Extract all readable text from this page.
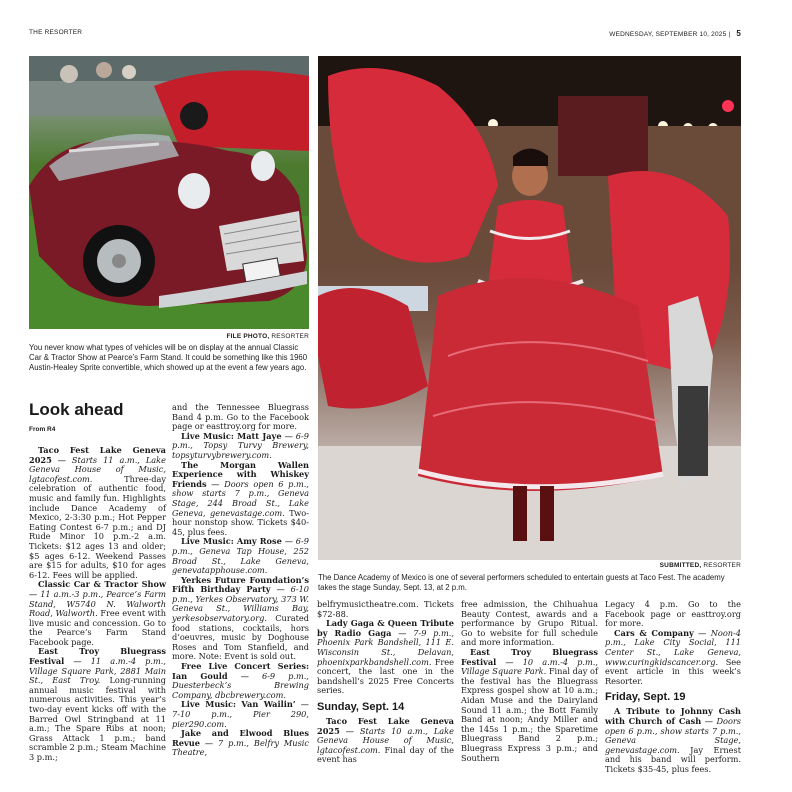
THE RESORTER	WEDNESDAY, SEPTEMBER 10, 2025 | 5
FILE PHOTO, RESORTER
You never know what types of vehicles will be on display at the annual Classic Car & Tractor Show at Pearce’s Farm Stand. It could be something like this 1960 Austin-Healey Sprite convertible, which showed up at the event a few years ago.
SUBMITTED, RESORTER
The Dance Academy of Mexico is one of several performers scheduled to entertain guests at Taco Fest. The academy takes the stage Sunday, Sept. 13, at 2 p.m.
Look ahead
From R4

Taco Fest Lake Geneva 2025 — Starts 11 a.m., Lake Geneva House of Music, lgtacofest.com. Three-day celebration of authentic food, music and family fun. Highlights include Dance Academy of Mexico, 2-3:30 p.m.; Hot Pepper Eating Contest 6-7 p.m.; and DJ Rude Minor 10 p.m.-2 a.m. Tickets: $12 ages 13 and older; $5 ages 6-12. Weekend Passes are $15 for adults, $10 for ages 6-12. Fees will be applied.

Classic Car & Tractor Show — 11 a.m.-3 p.m., Pearce’s Farm Stand, W5740 N. Walworth Road, Walworth. Free event with live music and concession. Go to the Pearce’s Farm Stand Facebook page.

East Troy Bluegrass Festival — 11 a.m.-4 p.m., Village Square Park, 2881 Main St., East Troy. Long-running annual music festival with numerous activities. This year’s two-day event kicks off with the Barred Owl Stringband at 11 a.m.; The Spare Ribs at noon; Grass Attack 1 p.m.; band scramble 2 p.m.; Steam Machine 3 p.m.;

and the Tennessee Bluegrass Band 4 p.m. Go to the Facebook page or easttroy.org for more.

Live Music: Matt Jaye — 6-9 p.m., Topsy Turvy Brewery, topsyturvybrewery.com.

The Morgan Wallen Experience with Whiskey Friends — Doors open 6 p.m., show starts 7 p.m., Geneva Stage, 244 Broad St., Lake Geneva, genevastage.com. Two-hour nonstop show. Tickets $40-45, plus fees.

Live Music: Amy Rose — 6-9 p.m., Geneva Tap House, 252 Broad St., Lake Geneva, genevatapphouse.com.

Yerkes Future Foundation’s Fifth Birthday Party — 6-10 p.m., Yerkes Observatory, 373 W. Geneva St., Williams Bay, yerkesobservatory.org. Curated food stations, cocktails, hors d’oeuvres, music by Doghouse Roses and Tom Stanfield, and more. Note: Event is sold out.

Free Live Concert Series: Ian Gould — 6-9 p.m., Duesterbeck’s Brewing Company, dbcbrewery.com.

Live Music: Van Wailin’ — 7-10 p.m., Pier 290, pier290.com.

Jake and Elwood Blues Revue — 7 p.m., Belfry Music Theatre,

belfrymusictheatre.com. Tickets $72-88.

Lady Gaga & Queen Tribute by Radio Gaga — 7-9 p.m., Phoenix Park Bandshell, 111 E. Wisconsin St., Delavan, phoenixparkbandshell.com. Free concert, the last one in the bandshell’s 2025 Free Concerts series.

Sunday, Sept. 14

Taco Fest Lake Geneva 2025 — Starts 10 a.m., Lake Geneva House of Music, lgtacofest.com. Final day of the event has

free admission, the Chihuahua Beauty Contest, awards and a performance by Grupo Ritual. Go to website for full schedule and more information.

East Troy Bluegrass Festival — 10 a.m.-4 p.m., Village Square Park. Final day of the festival has the Bluegrass Express gospel show at 10 a.m.; Aidan Muse and the Dairyland Sound 11 a.m.; the Bott Family Band at noon; Andy Miller and the 145s 1 p.m.; the Sparetime Bluegrass Band 2 p.m.; Bluegrass Express 3 p.m.; and Southern

Legacy 4 p.m. Go to the Facebook page or easttroy.org for more.

Cars & Company — Noon-4 p.m., Lake City Social, 111 Center St., Lake Geneva, www.curingkidscancer.org. See event article in this week’s Resorter.

Friday, Sept. 19

A Tribute to Johnny Cash with Church of Cash — Doors open 6 p.m., show starts 7 p.m., Geneva Stage, genevastage.com. Jay Ernest and his band will perform. Tickets $35-45, plus fees.
